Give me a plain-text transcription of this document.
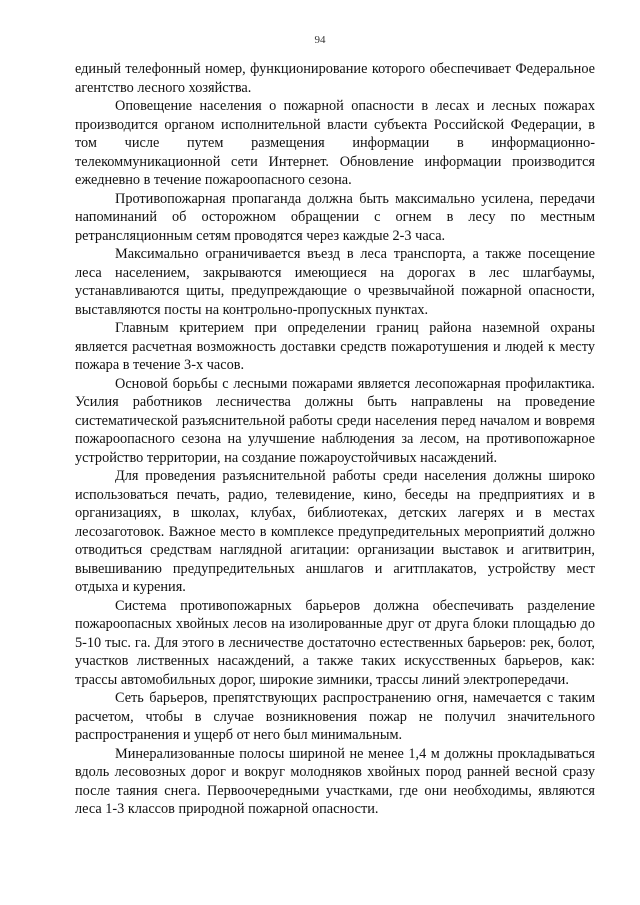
94

единый телефонный номер, функционирование которого обеспечивает Федеральное агентство лесного хозяйства.

Оповещение населения о пожарной опасности в лесах и лесных пожарах производится органом исполнительной власти субъекта Российской Федерации, в том числе путем размещения информации в информационно-телекоммуникационной сети Интернет. Обновление информации производится ежедневно в течение пожароопасного сезона.

Противопожарная пропаганда должна быть максимально усилена, передачи напоминаний об осторожном обращении с огнем в лесу по местным ретрансляционным сетям проводятся через каждые 2-3 часа.

Максимально ограничивается въезд в леса транспорта, а также посещение леса населением, закрываются имеющиеся на дорогах в лес шлагбаумы, устанавливаются щиты, предупреждающие о чрезвычайной пожарной опасности, выставляются посты на контрольно-пропускных пунктах.

Главным критерием при определении границ района наземной охраны является расчетная возможность доставки средств пожаротушения и людей к месту пожара в течение 3-х часов.

Основой борьбы с лесными пожарами является лесопожарная профилактика. Усилия работников лесничества должны быть направлены на проведение систематической разъяснительной работы среди населения перед началом и вовремя пожароопасного сезона на улучшение наблюдения за лесом, на противопожарное устройство территории, на создание пожароустойчивых насаждений.

Для проведения разъяснительной работы среди населения должны широко использоваться печать, радио, телевидение, кино, беседы на предприятиях и в организациях, в школах, клубах, библиотеках, детских лагерях и в местах лесозаготовок. Важное место в комплексе предупредительных мероприятий должно отводиться средствам наглядной агитации: организации выставок и агитвитрин, вывешиванию предупредительных аншлагов и агитплакатов, устройству мест отдыха и курения.

Система противопожарных барьеров должна обеспечивать разделение пожароопасных хвойных лесов на изолированные друг от друга блоки площадью до 5-10 тыс. га. Для этого в лесничестве достаточно естественных барьеров: рек, болот, участков лиственных насаждений, а также таких искусственных барьеров, как: трассы автомобильных дорог, широкие зимники, трассы линий электропередачи.

Сеть барьеров, препятствующих распространению огня, намечается с таким расчетом, чтобы в случае возникновения пожар не получил значительного распространения и ущерб от него был минимальным.

Минерализованные полосы шириной не менее 1,4 м должны прокладываться вдоль лесовозных дорог и вокруг молодняков хвойных пород ранней весной сразу после таяния снега. Первоочередными участками, где они необходимы, являются леса 1-3 классов природной пожарной опасности.
